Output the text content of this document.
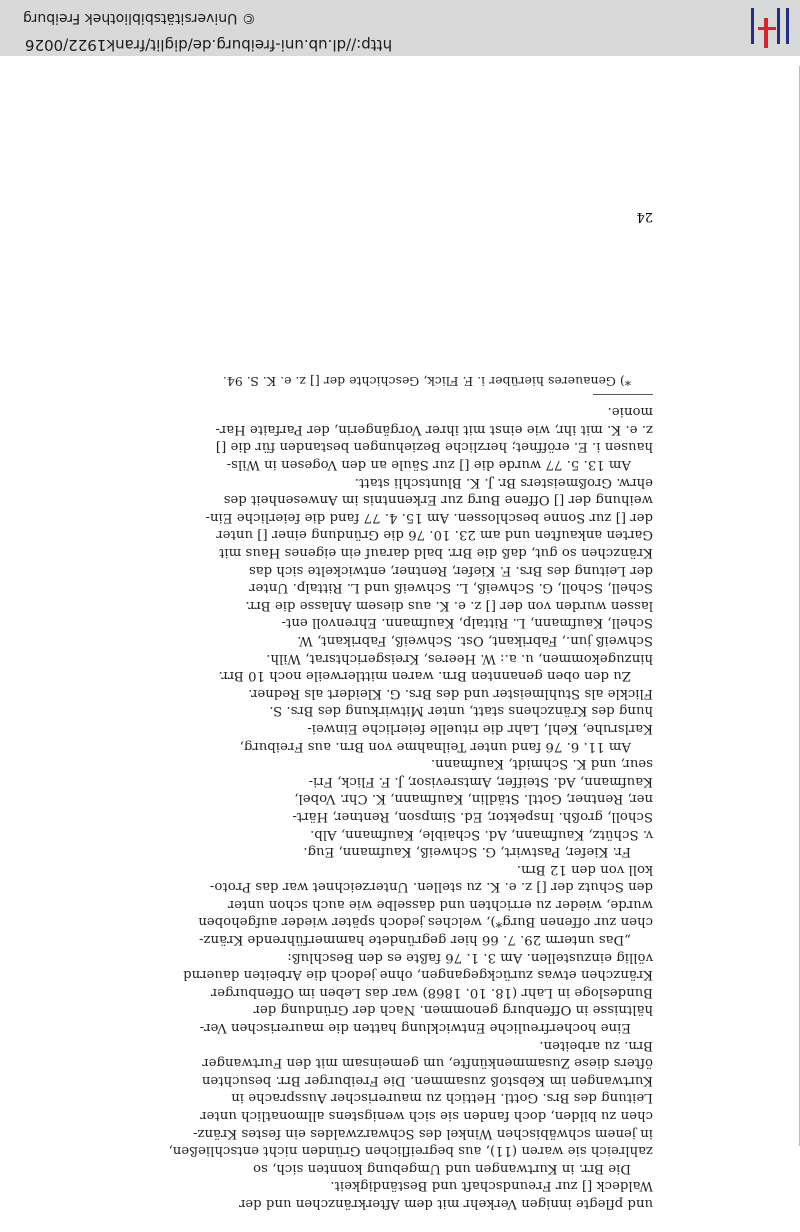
http://dl.ub.uni-freiburg.de/diglit/frank1922/0026
© Universitätsbibliothek Freiburg
und pflegte innigen Verkehr mit dem Afterkränzchen und der
Waldeck [] zur Freundschaft und Beständigkeit.
Die Brr. in Kurtwangen und Umgebung konnten sich, so
zahlreich sie waren (11), aus begreiflichen Gründen nicht entschließen,
in jenem schwäbischen Winkel des Schwarzwaldes ein festes Kränz-
chen zu bilden, doch fanden sie sich wenigstens allmonatlich unter
Leitung des Brs. Gottl. Hettich zu maurerischer Aussprache in
Kurtwangen im Kebstoß zusammen. Die Freiburger Brr. besuchten
öfters diese Zusammenkünfte, um gemeinsam mit den Furtwanger
Brn. zu arbeiten.
Eine hocherfreuliche Entwicklung hatten die maurerischen Ver-
hältnisse in Offenburg genommen. Nach der Gründung der
Bundesloge in Lahr (18. 10. 1868) war das Leben im Offenburger
Kränzchen etwas zurückgegangen, ohne jedoch die Arbeiten dauernd
völlig einzustellen. Am 3. 1. 76 faßte es den Beschluß:
„Das unterm 29. 7. 66 hier gegründete hammerführende Kränz-
chen zur offenen Burg*), welches jedoch später wieder aufgehoben
wurde, wieder zu errichten und dasselbe wie auch schon unter
den Schutz der [] z. e. K. zu stellen. Unterzeichnet war das Proto-
koll von den 12 Brn.
Fr. Kiefer, Pastwirt, G. Schweiß, Kaufmann, Eug.
v. Schütz, Kaufmann, Ad. Schaible, Kaufmann, Alb.
Scholl, großh. Inspektor, Ed. Simpson, Rentner, Härt-
ner, Rentner, Gottl. Städlin, Kaufmann, K. Chr. Vobel,
Kaufmann, Ad. Steiffer, Amtsrevisor, J. F. Flick, Fri-
seur, und K. Schmidt, Kaufmann.
Am 11. 6. 76 fand unter Teilnahme von Brn. aus Freiburg,
Karlsruhe, Kehl, Lahr die rituelle feierliche Einwei-
hung des Kränzchens statt, unter Mitwirkung des Brs. S.
Flickle als Stuhlmeister und des Brs. G. Kleidert als Redner.
Zu den oben genannten Brn. waren mittlerweile noch 10 Brr.
hinzugekommen, u. a.: W. Heeres, Kreisgerichtsrat, Wilh.
Schweiß jun., Fabrikant, Ost. Schweiß, Fabrikant, W.
Schell, Kaufmann, L. Rittalp, Kaufmann. Ehrenvoll ent-
lassen wurden von der [] z. e. K. aus diesem Anlasse die Brr.
Schell, Scholl, G. Schweiß, L. Schweiß und L. Rittalp. Unter
der Leitung des Brs. F. Kiefer, Rentner, entwickelte sich das
Kränzchen so gut, daß die Brr. bald darauf ein eigenes Haus mit
Garten ankauften und am 23. 10. 76 die Gründung einer [] unter
der [] zur Sonne beschlossen. Am 15. 4. 77 fand die feierliche Ein-
weihung der [] Offene Burg zur Erkenntnis im Anwesenheit des
ehrw. Großmeisters Br. J. K. Bluntschli statt.
Am 13. 5. 77 wurde die [] zur Säule an den Vogesen in Wils-
hausen i. E. eröffnet; herzliche Beziehungen bestanden für die []
z. e. K. mit ihr, wie einst mit ihrer Vorgängerin, der Parfaite Har-
monie.
*) Genaueres hierüber i. F. Flick, Geschichte der [] z. e. K. S. 94.
24
